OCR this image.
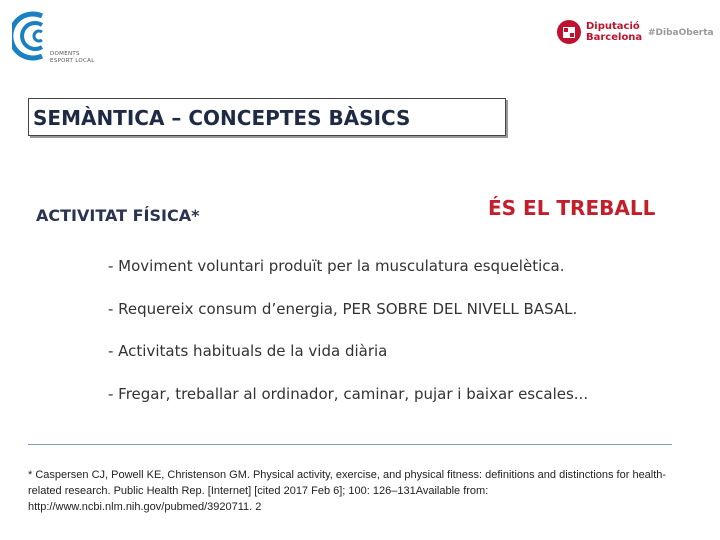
DOMENTS
ESPORT LOCAL
Diputació
Barcelona #DibaOberta
SEMÀNTICA – CONCEPTES BÀSICS
ACTIVITAT FÍSICA*	ÉS EL TREBALL
- Moviment voluntari produït per la musculatura esquelètica.
- Requereix consum d’energia, PER SOBRE DEL NIVELL BASAL.
- Activitats habituals de la vida diària
- Fregar, treballar al ordinador, caminar, pujar i baixar escales...
* Caspersen CJ, Powell KE, Christenson GM. Physical activity, exercise, and physical fitness: definitions and distinctions for health-related research. Public Health Rep. [Internet] [cited 2017 Feb 6]; 100: 126–131Available from: http://www.ncbi.nlm.nih.gov/pubmed/3920711. 2
